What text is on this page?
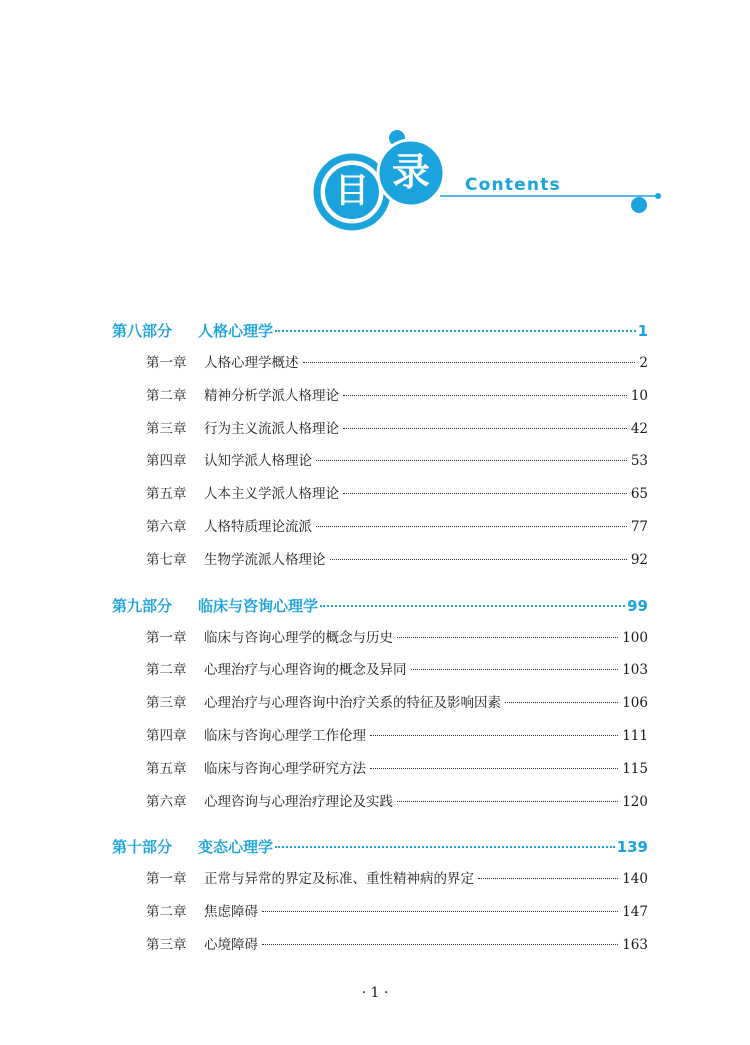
目 录	Contents
第八部分	人格心理学	1
第一章	人格心理学概述	2
第二章	精神分析学派人格理论	10
第三章	行为主义流派人格理论	42
第四章	认知学派人格理论	53
第五章	人本主义学派人格理论	65
第六章	人格特质理论流派	77
第七章	生物学流派人格理论	92
第九部分	临床与咨询心理学	99
第一章	临床与咨询心理学的概念与历史	100
第二章	心理治疗与心理咨询的概念及异同	103
第三章	心理治疗与心理咨询中治疗关系的特征及影响因素	106
第四章	临床与咨询心理学工作伦理	111
第五章	临床与咨询心理学研究方法	115
第六章	心理咨询与心理治疗理论及实践	120
第十部分	变态心理学	139
第一章	正常与异常的界定及标准、重性精神病的界定	140
第二章	焦虑障碍	147
第三章	心境障碍	163
· 1 ·
